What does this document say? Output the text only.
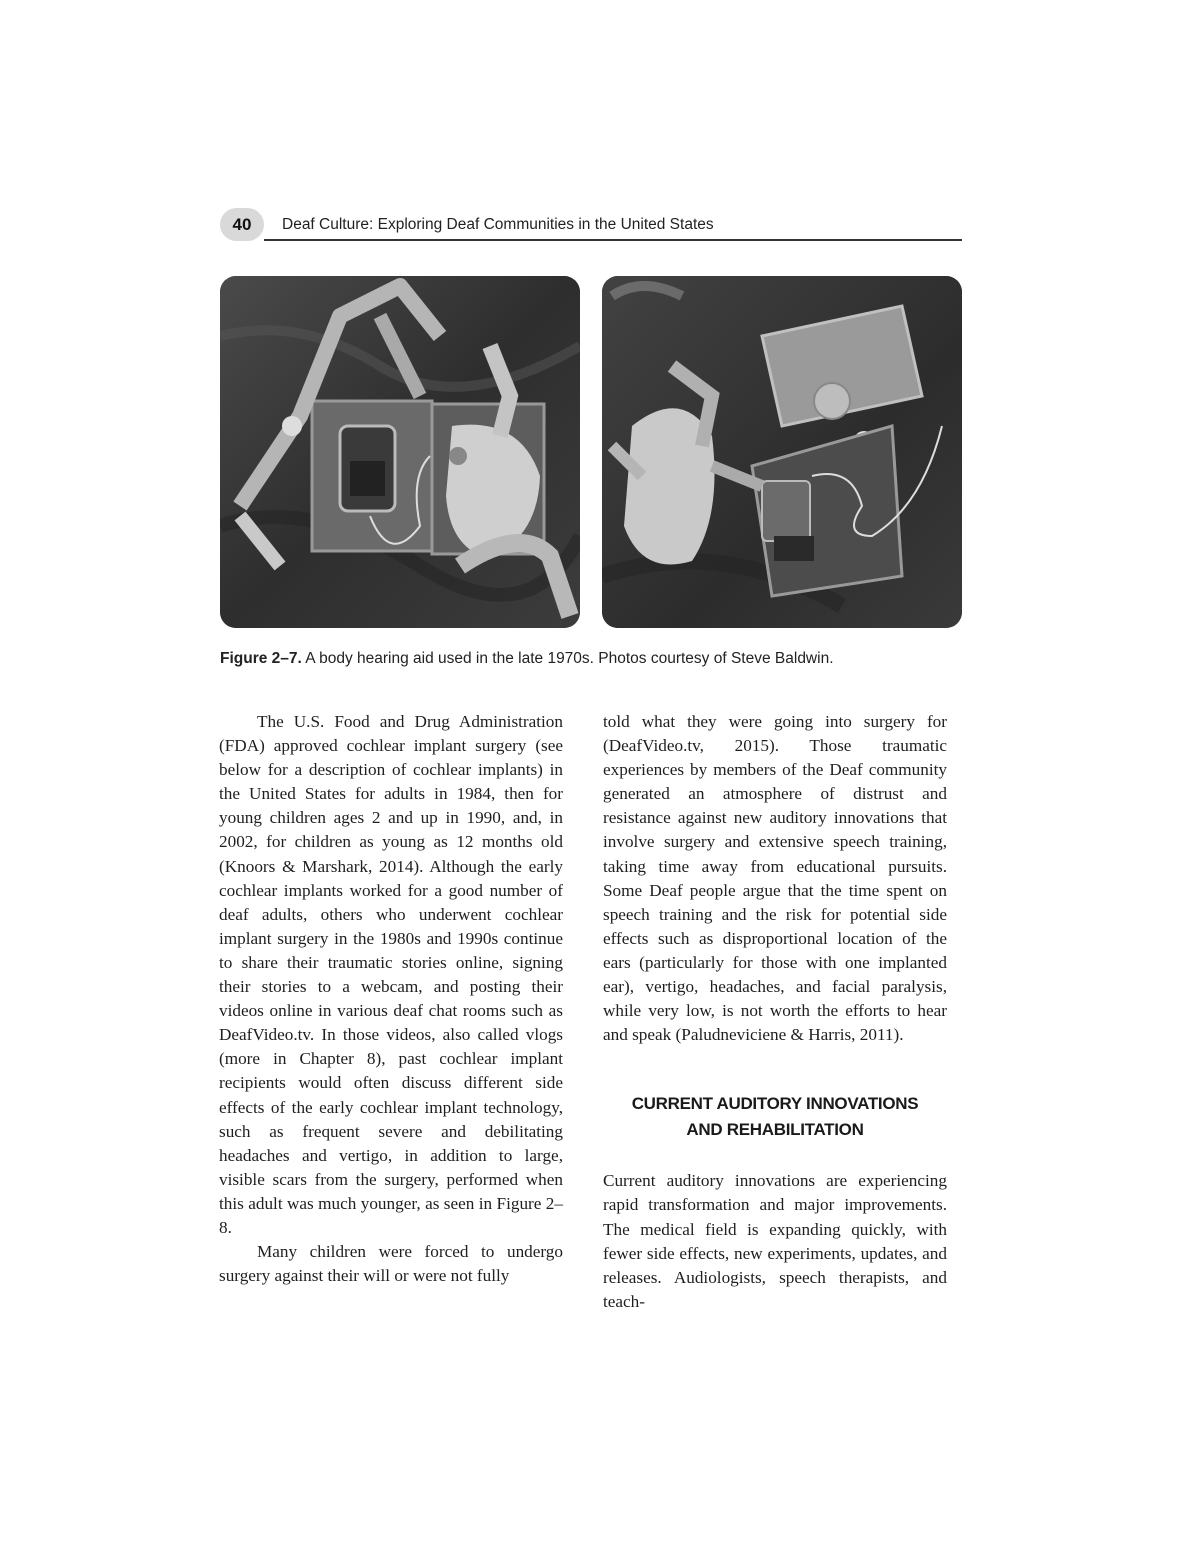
40	Deaf Culture: Exploring Deaf Communities in the United States
Figure 2–7. A body hearing aid used in the late 1970s. Photos courtesy of Steve Baldwin.

The U.S. Food and Drug Administration (FDA) approved cochlear implant surgery (see below for a description of cochlear implants) in the United States for adults in 1984, then for young children ages 2 and up in 1990, and, in 2002, for children as young as 12 months old (Knoors & Marshark, 2014). Although the early cochlear implants worked for a good number of deaf adults, others who underwent cochlear implant surgery in the 1980s and 1990s continue to share their traumatic stories online, signing their stories to a webcam, and posting their videos online in various deaf chat rooms such as DeafVideo.tv. In those videos, also called vlogs (more in Chapter 8), past cochlear implant recipients would often discuss different side effects of the early cochlear implant technology, such as frequent severe and debilitating headaches and vertigo, in addition to large, visible scars from the surgery, performed when this adult was much younger, as seen in Figure 2–8.

Many children were forced to undergo surgery against their will or were not fully

told what they were going into surgery for (DeafVideo.tv, 2015). Those traumatic experiences by members of the Deaf community generated an atmosphere of distrust and resistance against new auditory innovations that involve surgery and extensive speech training, taking time away from educational pursuits. Some Deaf people argue that the time spent on speech training and the risk for potential side effects such as disproportional location of the ears (particularly for those with one implanted ear), vertigo, headaches, and facial paralysis, while very low, is not worth the efforts to hear and speak (Paludneviciene & Harris, 2011).

CURRENT AUDITORY INNOVATIONS
AND REHABILITATION

Current auditory innovations are experiencing rapid transformation and major improvements. The medical field is expanding quickly, with fewer side effects, new experiments, updates, and releases. Audiologists, speech therapists, and teach-
